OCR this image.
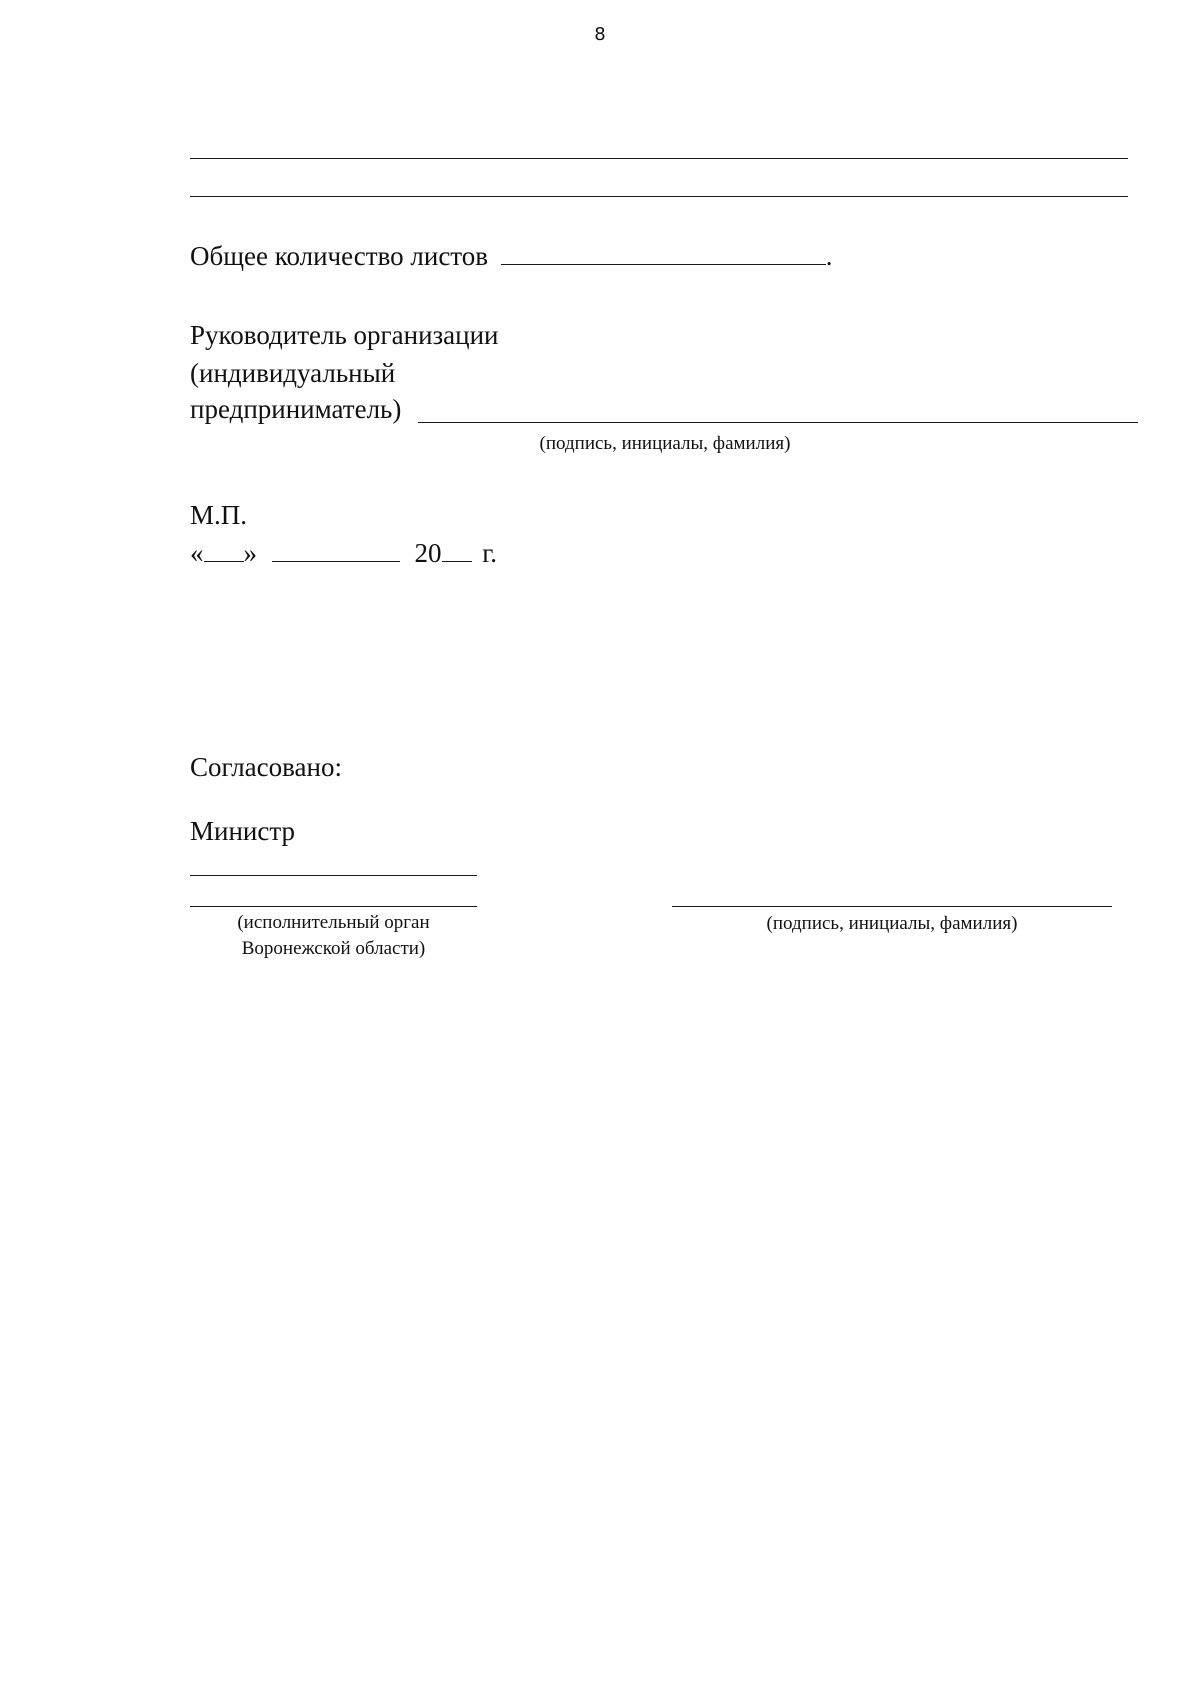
8
Общее количество листов	.
Руководитель организации
(индивидуальный
предприниматель)
(подпись, инициалы, фамилия)
М.П.
« »	20 г.
Согласовано:
Министр
(исполнительный орган
Воронежской области)
(подпись, инициалы, фамилия)
